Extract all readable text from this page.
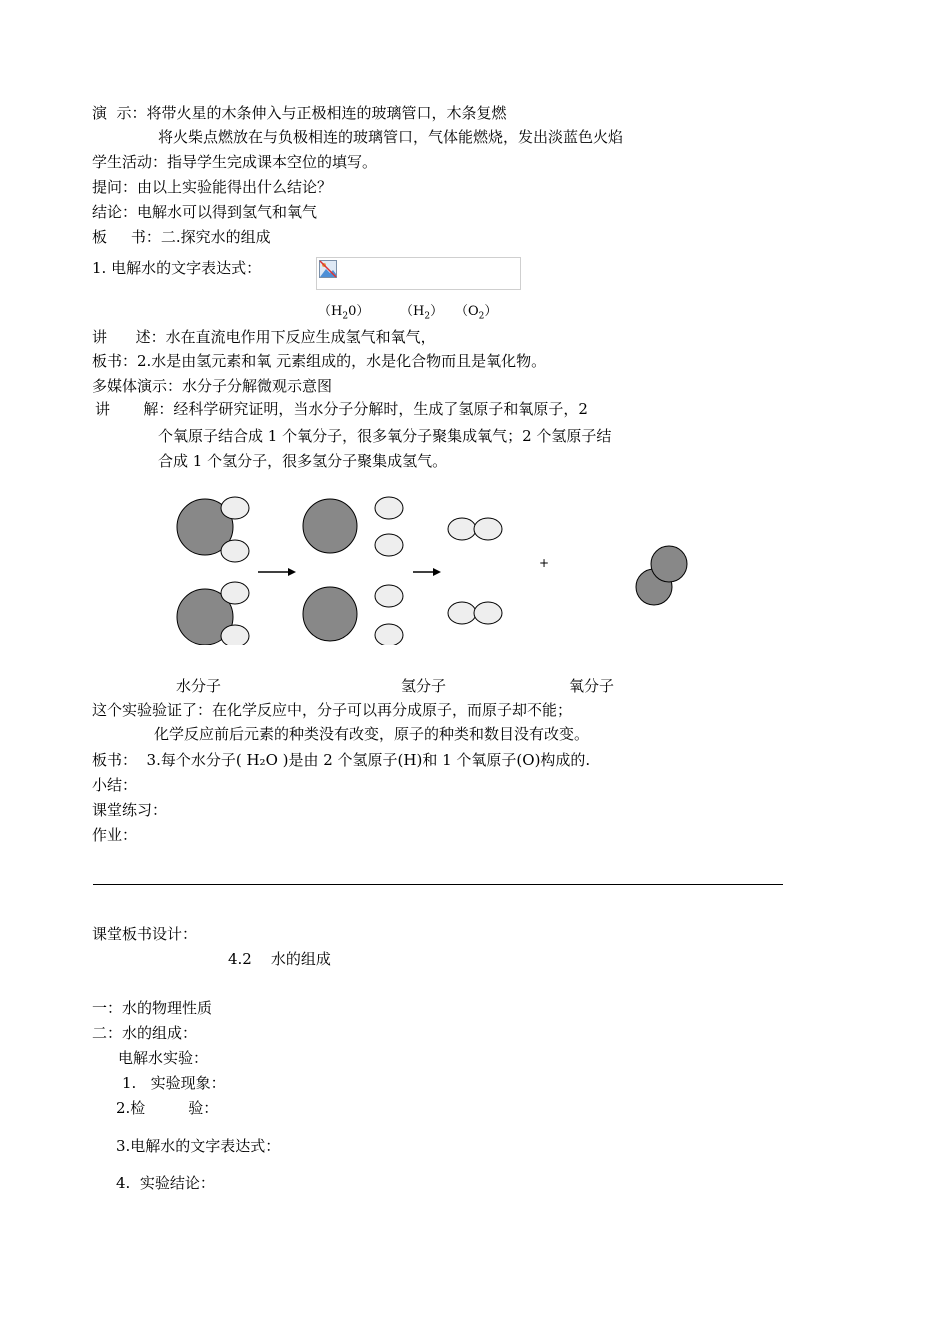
演  示：将带火星的木条伸入与正极相连的玻璃管口，木条复燃
将火柴点燃放在与负极相连的玻璃管口，气体能燃烧，发出淡蓝色火焰
学生活动：指导学生完成课本空位的填写。
提问：由以上实验能得出什么结论？
结论：电解水可以得到氢气和氧气
板     书：二.探究水的组成
1. 电解水的文字表达式：
$(H_20)$ $(H_2)$ $(O_2)$
讲      述：水在直流电作用下反应生成氢气和氧气，
板书：2.水是由氢元素和氧 元素组成的，水是化合物而且是氧化物。
多媒体演示：水分子分解微观示意图
讲       解：经科学研究证明，当水分子分解时，生成了氢原子和氧原子，2
个氧原子结合成 1 个氧分子，很多氧分子聚集成氧气；2 个氢原子结
合成 1 个氢分子，很多氢分子聚集成氢气。
+
水分子	氢分子	氧分子
这个实验验证了：在化学反应中，分子可以再分成原子，而原子却不能；
化学反应前后元素的种类没有改变，原子的种类和数目没有改变。
板书：  3.每个水分子( H₂O )是由 2 个氢原子(H)和 1 个氧原子(O)构成的.
小结：
课堂练习：
作业：
课堂板书设计：
4.2    水的组成
一：水的物理性质
二：水的组成：
电解水实验：
1.   实验现象：
2.检         验：
3.电解水的文字表达式：
4.  实验结论：
